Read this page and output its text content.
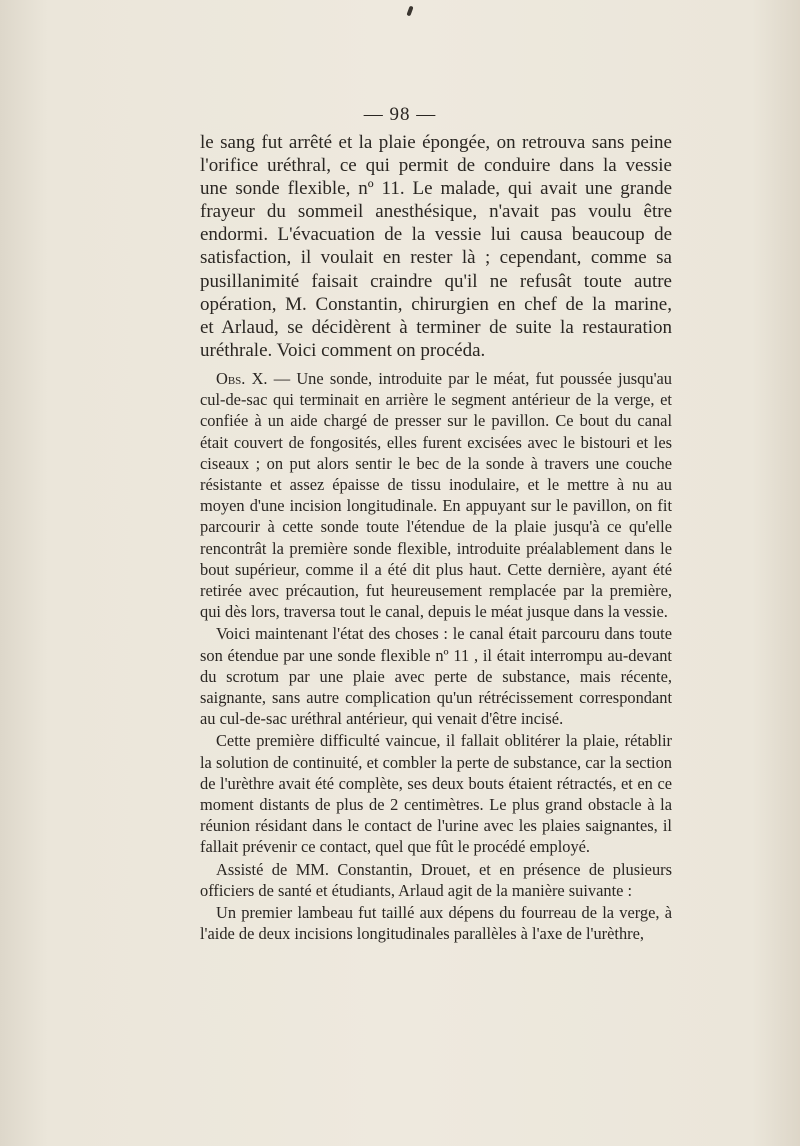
— 98 —

le sang fut arrêté et la plaie épongée, on retrouva sans peine

l'orifice uréthral, ce qui permit de conduire dans la vessie

une sonde flexible, nº 11. Le malade, qui avait une grande

frayeur du sommeil anesthésique, n'avait pas voulu être

endormi. L'évacuation de la vessie lui causa beaucoup de

satisfaction, il voulait en rester là ; cependant, comme sa

pusillanimité faisait craindre qu'il ne refusât toute autre

opération, M. Constantin, chirurgien en chef de la marine,

et Arlaud, se décidèrent à terminer de suite la restauration

uréthrale. Voici comment on procéda.

Obs. X. — Une sonde, introduite par le méat, fut poussée jusqu'au cul-de-sac qui terminait en arrière le segment antérieur de la verge, et confiée à un aide chargé de presser sur le pavillon. Ce bout du canal était couvert de fongosités, elles furent excisées avec le bistouri et les ciseaux ; on put alors sentir le bec de la sonde à travers une couche résistante et assez épaisse de tissu inodulaire, et le mettre à nu au moyen d'une incision longitudinale. En appuyant sur le pavillon, on fit parcourir à cette sonde toute l'étendue de la plaie jusqu'à ce qu'elle rencontrât la première sonde flexible, introduite préalablement dans le bout supérieur, comme il a été dit plus haut. Cette dernière, ayant été retirée avec précaution, fut heureusement remplacée par la première, qui dès lors, traversa tout le canal, depuis le méat jusque dans la vessie.

Voici maintenant l'état des choses : le canal était parcouru dans toute son étendue par une sonde flexible nº 11 , il était interrompu au-devant du scrotum par une plaie avec perte de substance, mais récente, saignante, sans autre complication qu'un rétrécissement correspondant au cul-de-sac uréthral antérieur, qui venait d'être incisé.

Cette première difficulté vaincue, il fallait oblitérer la plaie, rétablir la solution de continuité, et combler la perte de substance, car la section de l'urèthre avait été complète, ses deux bouts étaient rétractés, et en ce moment distants de plus de 2 centimètres. Le plus grand obstacle à la réunion résidant dans le contact de l'urine avec les plaies saignantes, il fallait prévenir ce contact, quel que fût le procédé employé.

Assisté de MM. Constantin, Drouet, et en présence de plusieurs officiers de santé et étudiants, Arlaud agit de la manière suivante :

Un premier lambeau fut taillé aux dépens du fourreau de la verge, à l'aide de deux incisions longitudinales parallèles à l'axe de l'urèthre,
